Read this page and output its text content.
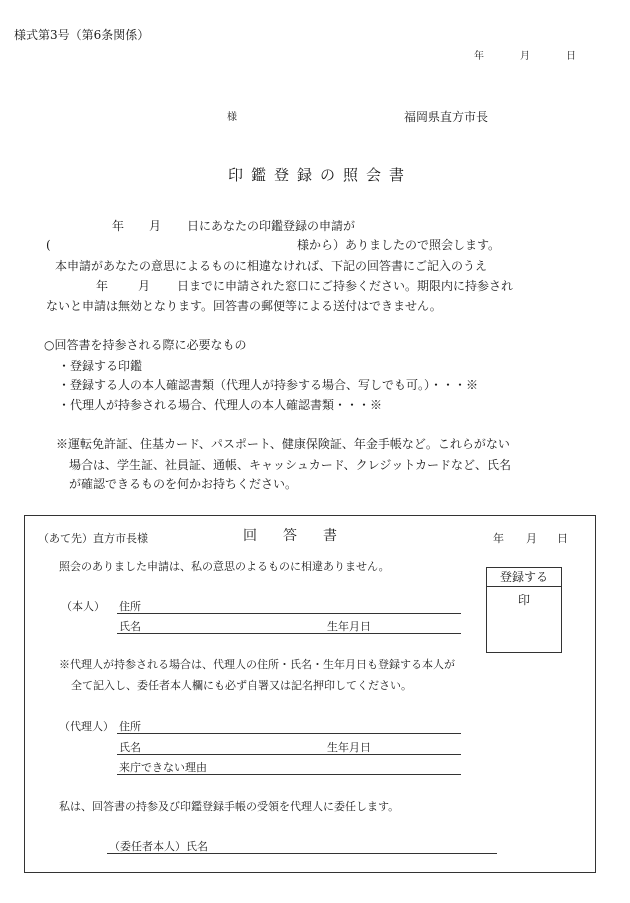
様式第3号（第6条関係）
年	月	日
様	福岡県直方市長
印鑑登録の照会書
年 月 日にあなたの印鑑登録の申請が
(	様から）ありましたので照会します。
本申請があなたの意思によるものに相違なければ、下記の回答書にご記入のうえ
年 月 日までに申請された窓口にご持参ください。期限内に持参され
ないと申請は無効となります。回答書の郵便等による送付はできません。
○回答書を持参される際に必要なもの
・登録する印鑑
・登録する人の本人確認書類（代理人が持参する場合、写しでも可。）・・・※
・代理人が持参される場合、代理人の本人確認書類・・・※
※運転免許証、住基カード、パスポート、健康保険証、年金手帳など。これらがない
場合は、学生証、社員証、通帳、キャッシュカード、クレジットカードなど、氏名
が確認できるものを何かお持ちください。
（あて先）直方市長様	回答書	年 月 日
照会のありました申請は、私の意思のよるものに相違ありません。
登録する
印
（本人） 住所
氏名	生年月日
※代理人が持参される場合は、代理人の住所・氏名・生年月日も登録する本人が
全て記入し、委任者本人欄にも必ず自署又は記名押印してください。
（代理人） 住所
氏名	生年月日
来庁できない理由
私は、回答書の持参及び印鑑登録手帳の受領を代理人に委任します。
（委任者本人）氏名
